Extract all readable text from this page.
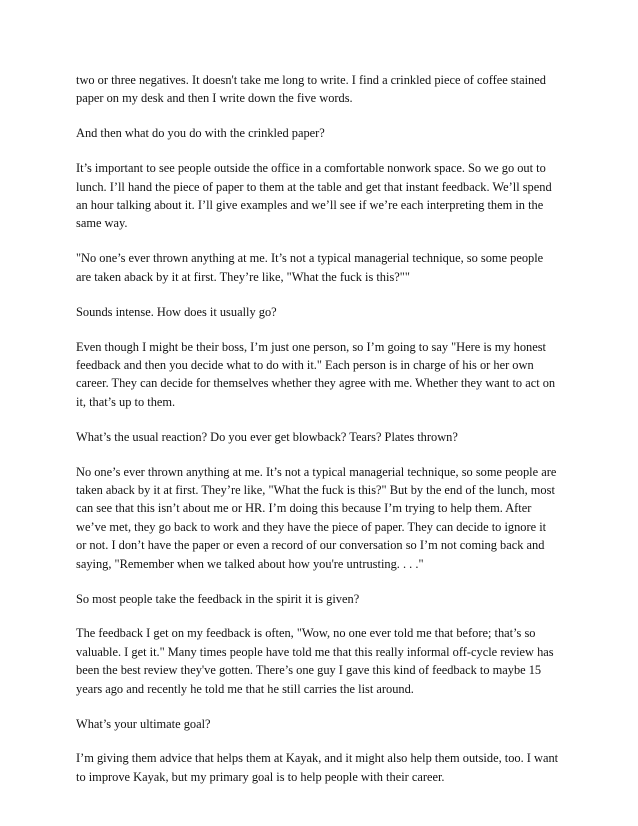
two or three negatives. It doesn't take me long to write. I find a crinkled piece of coffee stained
paper on my desk and then I write down the five words.

And then what do you do with the crinkled paper?

It’s important to see people outside the office in a comfortable nonwork space. So we go out to
lunch. I’ll hand the piece of paper to them at the table and get that instant feedback. We’ll spend
an hour talking about it. I’ll give examples and we’ll see if we’re each interpreting them in the
same way.

"No one’s ever thrown anything at me. It’s not a typical managerial technique, so some people
are taken aback by it at first. They’re like, "What the fuck is this?""

Sounds intense. How does it usually go?

Even though I might be their boss, I’m just one person, so I’m going to say "Here is my honest
feedback and then you decide what to do with it." Each person is in charge of his or her own
career. They can decide for themselves whether they agree with me. Whether they want to act on
it, that’s up to them.

What’s the usual reaction? Do you ever get blowback? Tears? Plates thrown?

No one’s ever thrown anything at me. It’s not a typical managerial technique, so some people are
taken aback by it at first. They’re like, "What the fuck is this?" But by the end of the lunch, most
can see that this isn’t about me or HR. I’m doing this because I’m trying to help them. After
we’ve met, they go back to work and they have the piece of paper. They can decide to ignore it
or not. I don’t have the paper or even a record of our conversation so I’m not coming back and
saying, "Remember when we talked about how you're untrusting. . . ."

So most people take the feedback in the spirit it is given?

The feedback I get on my feedback is often, "Wow, no one ever told me that before; that’s so
valuable. I get it." Many times people have told me that this really informal off-cycle review has
been the best review they've gotten. There’s one guy I gave this kind of feedback to maybe 15
years ago and recently he told me that he still carries the list around.

What’s your ultimate goal?

I’m giving them advice that helps them at Kayak, and it might also help them outside, too. I want
to improve Kayak, but my primary goal is to help people with their career.
